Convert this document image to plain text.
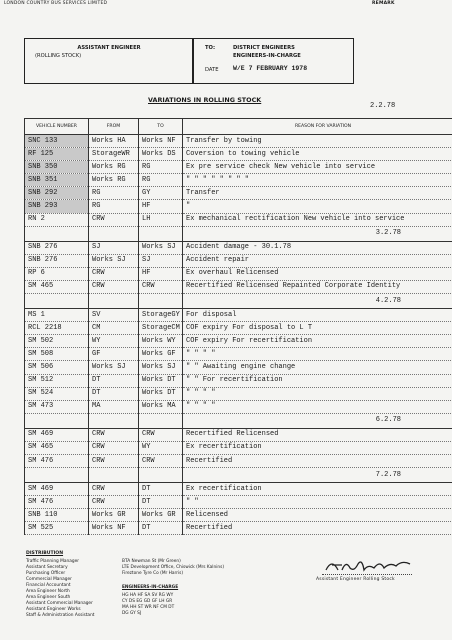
LONDON COUNTRY BUS SERVICES LIMITED	REMARK
ASSISTANT ENGINEER
(ROLLING STOCK)
TO:	DISTRICT ENGINEERS
ENGINEERS-IN-CHARGE
DATE W/E 7 FEBRUARY 1978
VARIATIONS IN ROLLING STOCK
2.2.78
VEHICLE NUMBER	FROM	TO	REASON FOR VARIATION
SNC 133	Works HA	Works NF	Transfer by towing
RF 125	StorageWR	Works DS	Coversion to towing vehicle
SNB 350	Works RG	RG	Ex pre service check New vehicle into service
SNB 351	Works RG	RG	" " " " " " " "
SNB 292	RG	GY	Transfer
SNB 293	RG	HF	"
RN 2	CRW	LH	Ex mechanical rectification New vehicle into service
			3.2.78
SNB 276	SJ	Works SJ	Accident damage - 30.1.78
SNB 276	Works SJ	SJ	Accident repair
RP 6	CRW	HF	Ex overhaul Relicensed
SM 465	CRW	CRW	Recertified Relicensed Repainted Corporate Identity
			4.2.78
MS 1	SV	StorageGY	For disposal
RCL 2218	CM	StorageCM	COF expiry For disposal to L T
SM 502	WY	Works WY	COF expiry For recertification
SM 508	GF	Works GF	" " " "
SM 506	Works SJ	Works SJ	" " Awaiting engine change
SM 512	DT	Works DT	" " For recertification
SM 524	DT	Works DT	" " " "
SM 473	MA	Works MA	" " " "
			6.2.78
SM 469	CRW	CRW	Recertified Relicensed
SM 465	CRW	WY	Ex recertification
SM 476	CRW	CRW	Recertified
			7.2.78
SM 469	CRW	DT	Ex recertification
SM 476	CRW	DT	" "
SNB 110	Works GR	Works GR	Relicensed
SM 525	Works NF	DT	Recertified
DISTRIBUTION
Traffic Planning Manager
Assistant Secretary
Purchasing Officer
Commercial Manager
Financial Accountant
Area Engineer North
Area Engineer South
Assistant Commercial Manager
Assistant Engineer Works
Staff & Administration Assistant
BTA Newman St (Mr Green)
LTE Development Office, Chiswick (Mrs Kalnins)
Fireztone Tyre Co (Mr Harris)
ENGINEERS-IN-CHARGE
HG HA HF SA SV RG WY
CY DS EG GD GF LH GR
MA HH ST WR NF CM DT
DG GY SJ
Assistant Engineer Rolling Stock
